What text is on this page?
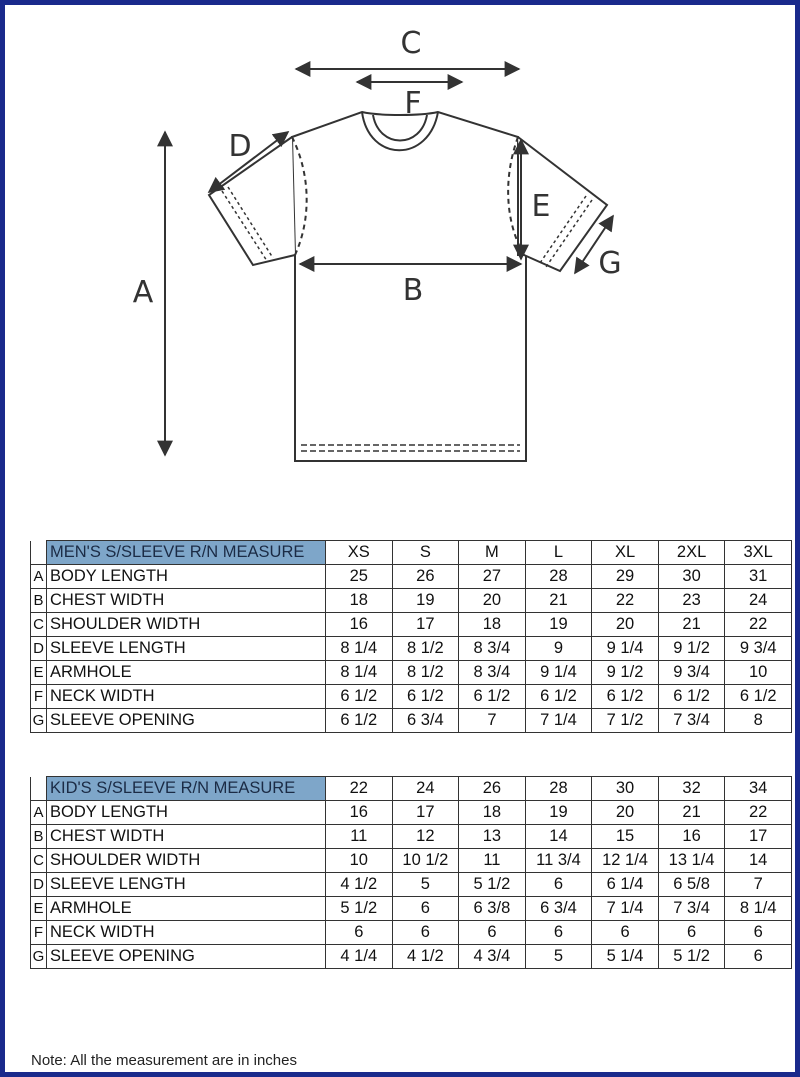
C
F
A
D
E
B
G
	MEN'S S/SLEEVE R/N MEASURE	XS	S	M	L	XL	2XL	3XL
A	BODY LENGTH	25	26	27	28	29	30	31
B	CHEST WIDTH	18	19	20	21	22	23	24
C	SHOULDER WIDTH	16	17	18	19	20	21	22
D	SLEEVE LENGTH	8 1/4	8 1/2	8 3/4	9	9 1/4	9 1/2	9 3/4
E	ARMHOLE	8 1/4	8 1/2	8 3/4	9 1/4	9 1/2	9 3/4	10
F	NECK WIDTH	6 1/2	6 1/2	6 1/2	6 1/2	6 1/2	6 1/2	6 1/2
G	SLEEVE OPENING	6 1/2	6 3/4	7	7 1/4	7 1/2	7 3/4	8
	KID'S S/SLEEVE R/N MEASURE	22	24	26	28	30	32	34
A	BODY LENGTH	16	17	18	19	20	21	22
B	CHEST WIDTH	11	12	13	14	15	16	17
C	SHOULDER WIDTH	10	10 1/2	11	11 3/4	12 1/4	13 1/4	14
D	SLEEVE LENGTH	4 1/2	5	5 1/2	6	6 1/4	6 5/8	7
E	ARMHOLE	5 1/2	6	6 3/8	6 3/4	7 1/4	7 3/4	8 1/4
F	NECK WIDTH	6	6	6	6	6	6	6
G	SLEEVE OPENING	4 1/4	4 1/2	4 3/4	5	5 1/4	5 1/2	6
Note: All the measurement are in inches
